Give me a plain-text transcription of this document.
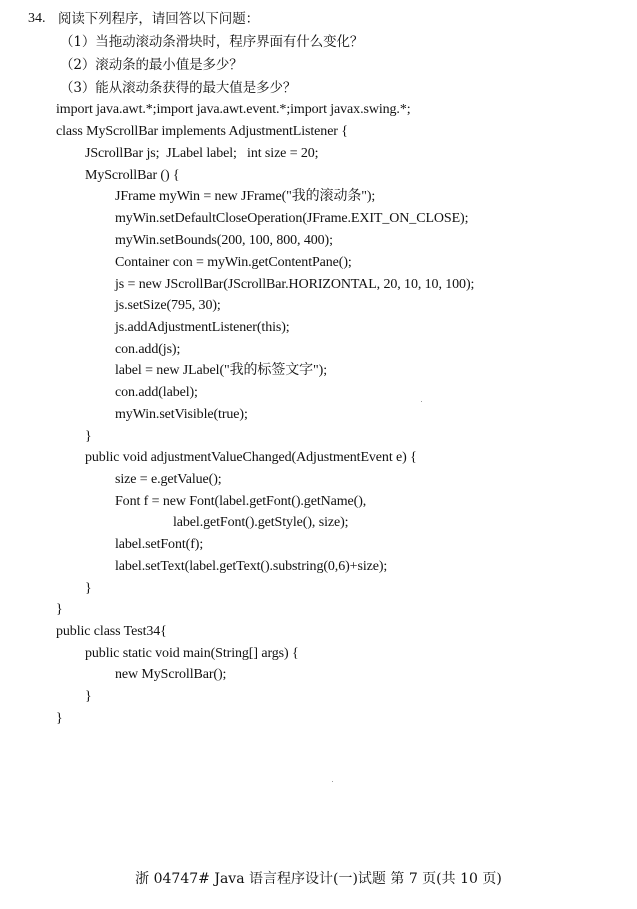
34. 阅读下列程序，请回答以下问题：
（1）当拖动滚动条滑块时，程序界面有什么变化？
（2）滚动条的最小值是多少？
（3）能从滚动条获得的最大值是多少？
import java.awt.*;import java.awt.event.*;import javax.swing.*;
class MyScrollBar implements AdjustmentListener {
JScrollBar js;  JLabel label;   int size = 20;
MyScrollBar () {
JFrame myWin = new JFrame("我的滚动条");
myWin.setDefaultCloseOperation(JFrame.EXIT_ON_CLOSE);
myWin.setBounds(200, 100, 800, 400);
Container con = myWin.getContentPane();
js = new JScrollBar(JScrollBar.HORIZONTAL, 20, 10, 10, 100);
js.setSize(795, 30);
js.addAdjustmentListener(this);
con.add(js);
label = new JLabel("我的标签文字");
con.add(label);
myWin.setVisible(true);
}
public void adjustmentValueChanged(AdjustmentEvent e) {
size = e.getValue();
Font f = new Font(label.getFont().getName(),
label.getFont().getStyle(), size);
label.setFont(f);
label.setText(label.getText().substring(0,6)+size);
}
}
public class Test34{
public static void main(String[] args) {
new MyScrollBar();
}
}
浙 04747# Java 语言程序设计(一)试题 第 7 页(共 10 页)
